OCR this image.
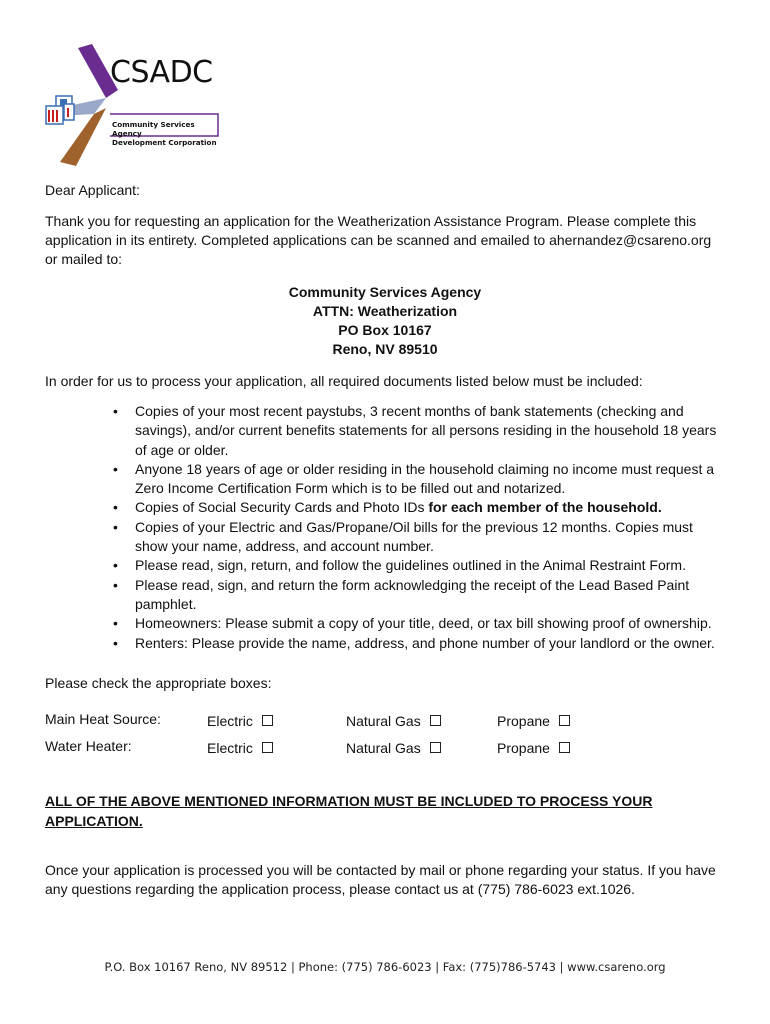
CSADC
Community Services Agency
Development Corporation
Dear Applicant:
Thank you for requesting an application for the Weatherization Assistance Program. Please complete this application in its entirety. Completed applications can be scanned and emailed to ahernandez@csareno.org or mailed to:
Community Services Agency
ATTN: Weatherization
PO Box 10167
Reno, NV 89510
In order for us to process your application, all required documents listed below must be included:
• Copies of your most recent paystubs, 3 recent months of bank statements (checking and savings), and/or current benefits statements for all persons residing in the household 18 years of age or older.
• Anyone 18 years of age or older residing in the household claiming no income must request a Zero Income Certification Form which is to be filled out and notarized.
• Copies of Social Security Cards and Photo IDs for each member of the household.
• Copies of your Electric and Gas/Propane/Oil bills for the previous 12 months. Copies must show your name, address, and account number.
• Please read, sign, return, and follow the guidelines outlined in the Animal Restraint Form.
• Please read, sign, and return the form acknowledging the receipt of the Lead Based Paint pamphlet.
• Homeowners: Please submit a copy of your title, deed, or tax bill showing proof of ownership.
• Renters: Please provide the name, address, and phone number of your landlord or the owner.
Please check the appropriate boxes:
Main Heat Source:	Electric	Natural Gas	Propane
Water Heater:	Electric	Natural Gas	Propane
ALL OF THE ABOVE MENTIONED INFORMATION MUST BE INCLUDED TO PROCESS YOUR APPLICATION.
Once your application is processed you will be contacted by mail or phone regarding your status. If you have any questions regarding the application process, please contact us at (775) 786-6023 ext.1026.
P.O. Box 10167 Reno, NV 89512 | Phone: (775) 786-6023 | Fax: (775)786-5743 | www.csareno.org
